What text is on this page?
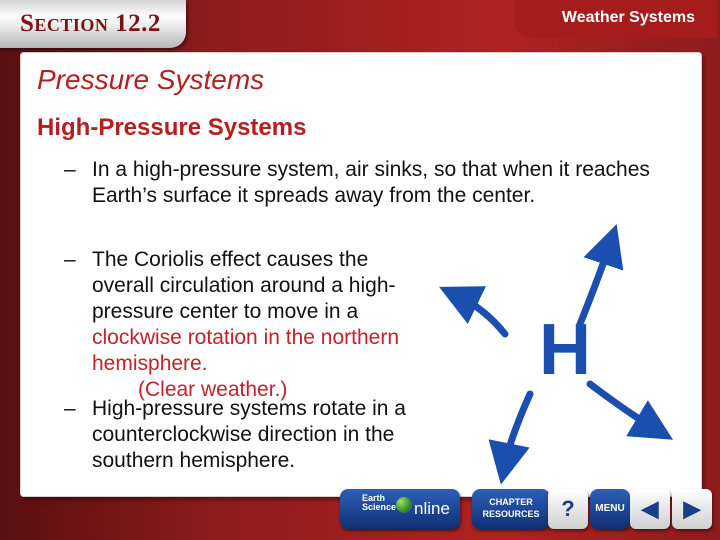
Section 12.2	Weather Systems
Pressure Systems
High-Pressure Systems
– In a high-pressure system, air sinks, so that when it reaches Earth’s surface it spreads away from the center.
– The Coriolis effect causes the overall circulation around a high-pressure center to move in a clockwise rotation in the northern hemisphere.
(Clear weather.)
– High-pressure systems rotate in a counterclockwise direction in the southern hemisphere.
H
Earth
Science nline	CHAPTER
RESOURCES ?	MENU ◀	▶
